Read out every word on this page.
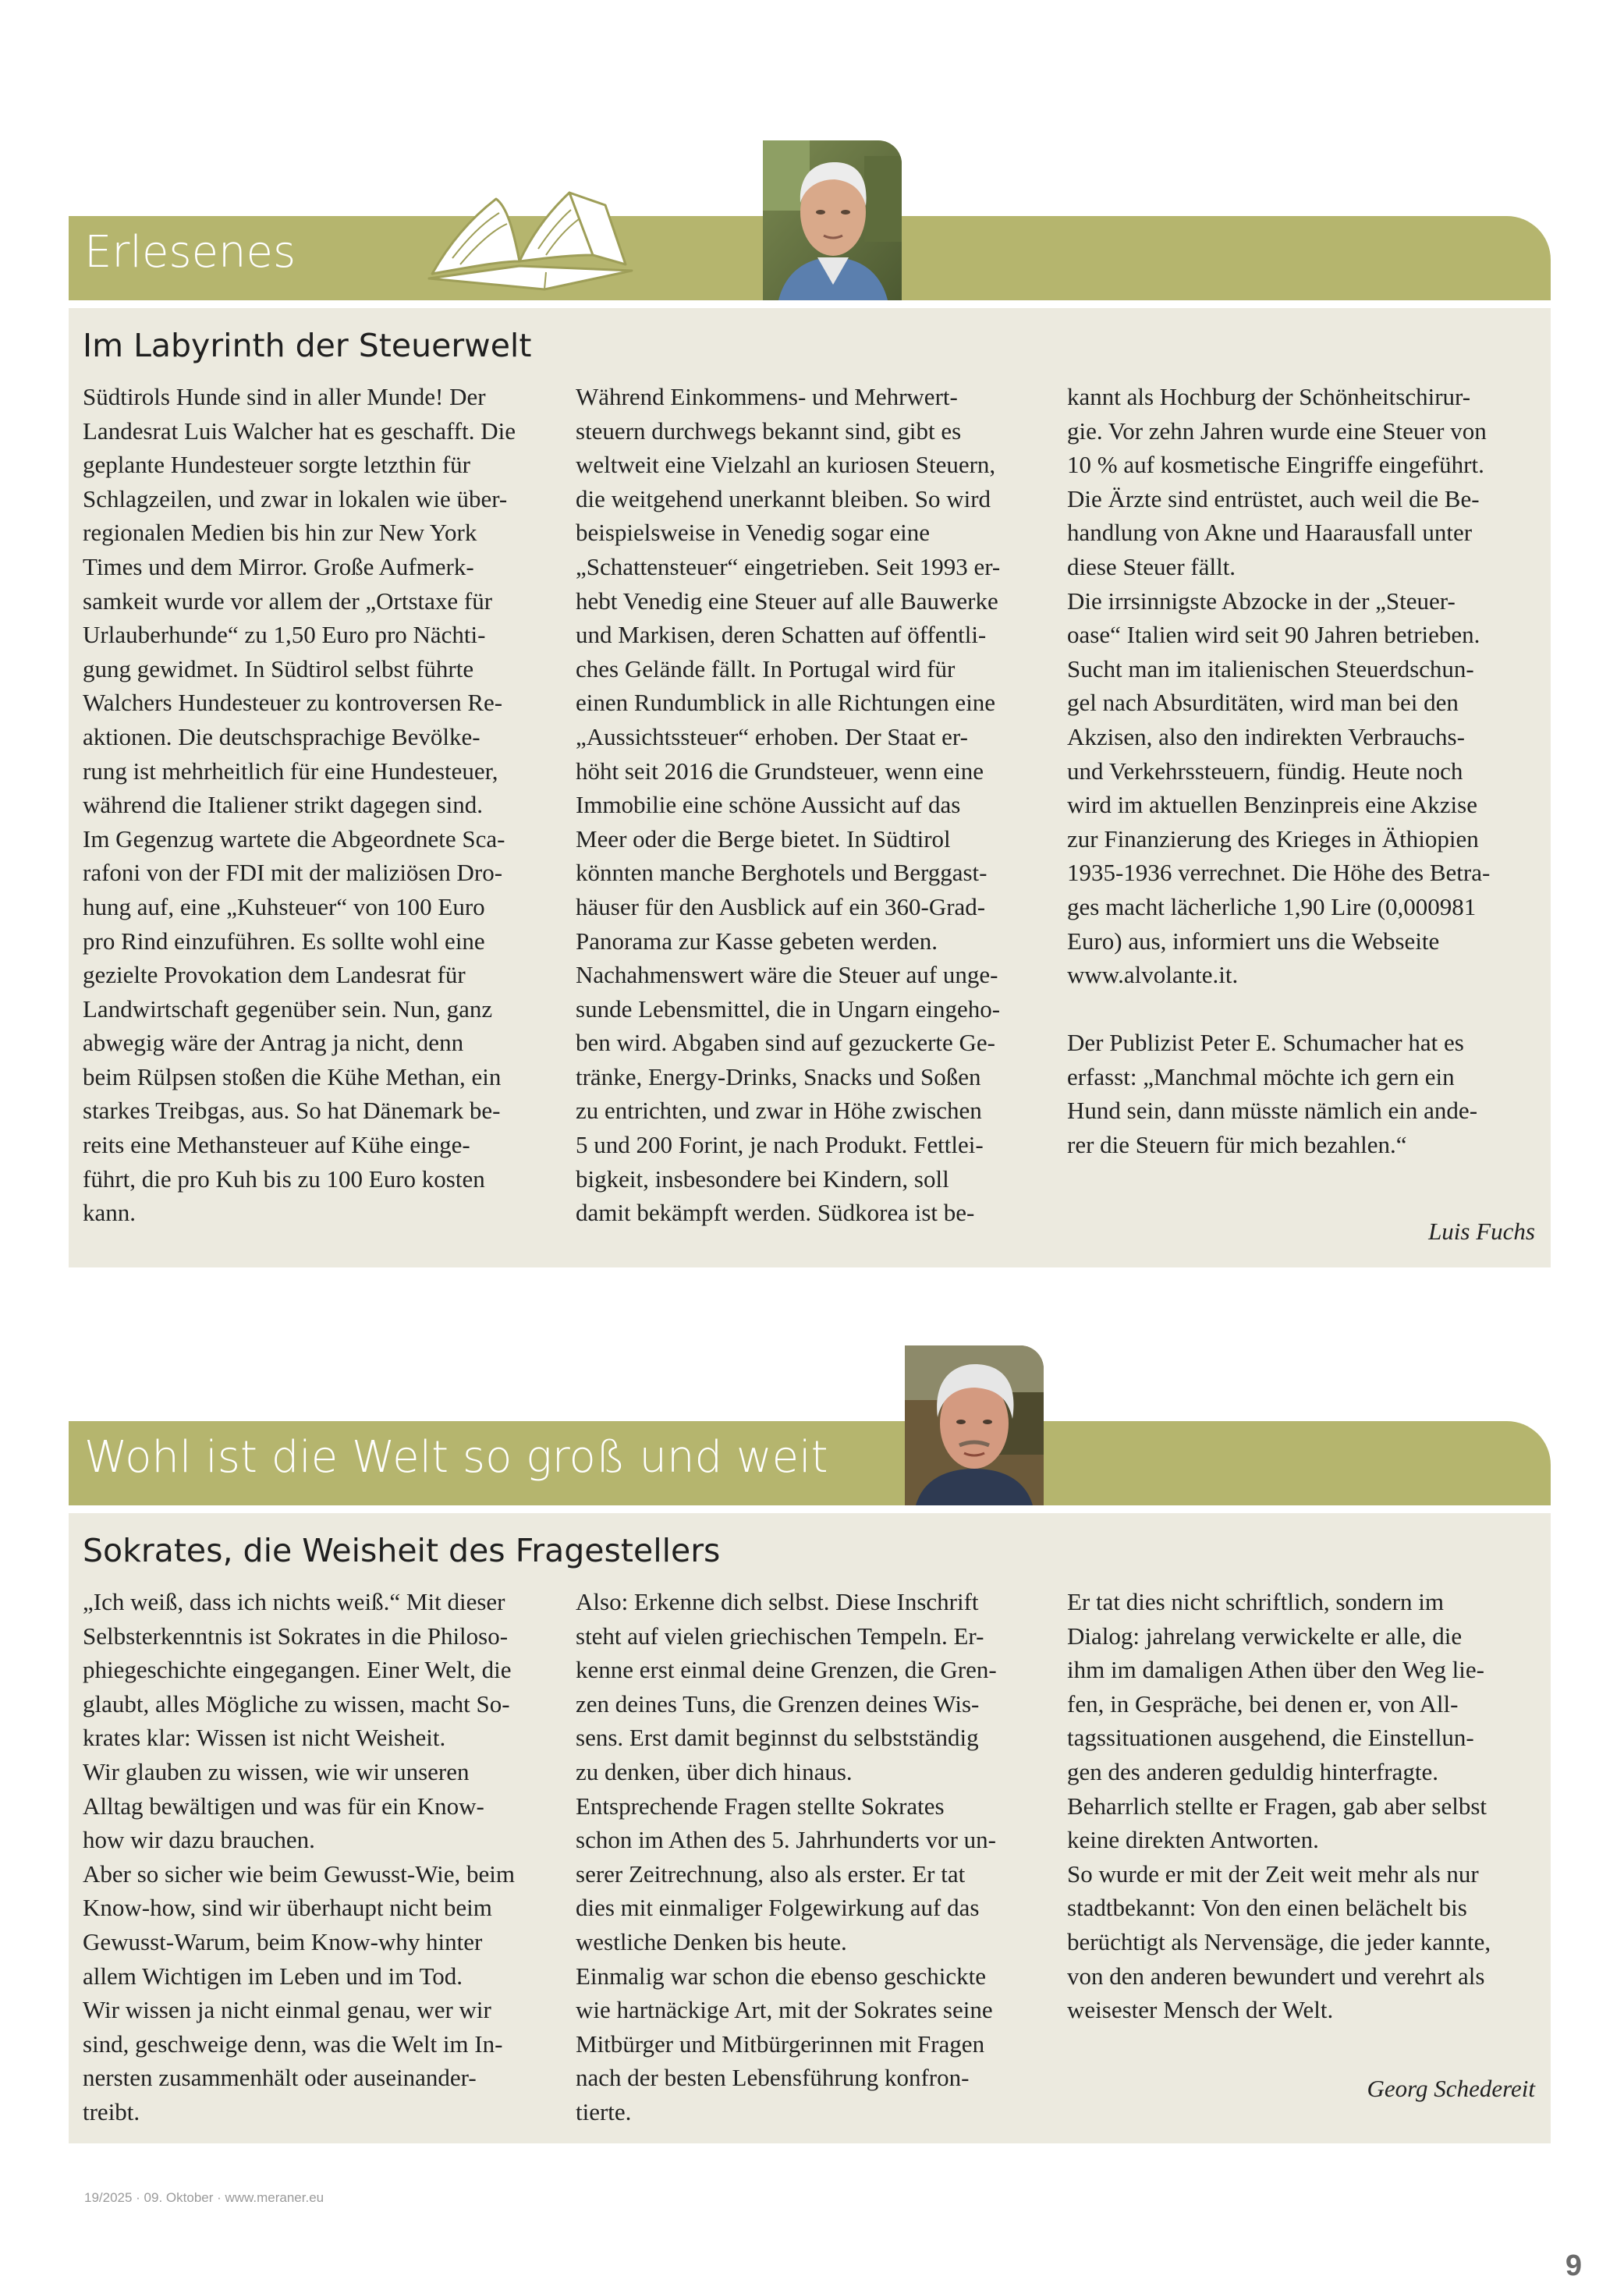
Erlesenes
Im Labyrinth der Steuerwelt
Südtirols Hunde sind in aller Munde! Der
Landesrat Luis Walcher hat es geschafft. Die
geplante Hundesteuer sorgte letzthin für
Schlagzeilen, und zwar in lokalen wie über-
regionalen Medien bis hin zur New York
Times und dem Mirror. Große Aufmerk-
samkeit wurde vor allem der „Ortstaxe für
Urlauberhunde“ zu 1,50 Euro pro Nächti-
gung gewidmet. In Südtirol selbst führte
Walchers Hundesteuer zu kontroversen Re-
aktionen. Die deutschsprachige Bevölke-
rung ist mehrheitlich für eine Hundesteuer,
während die Italiener strikt dagegen sind.
Im Gegenzug wartete die Abgeordnete Sca-
rafoni von der FDI mit der maliziösen Dro-
hung auf, eine „Kuhsteuer“ von 100 Euro
pro Rind einzuführen. Es sollte wohl eine
gezielte Provokation dem Landesrat für
Landwirtschaft gegenüber sein. Nun, ganz
abwegig wäre der Antrag ja nicht, denn
beim Rülpsen stoßen die Kühe Methan, ein
starkes Treibgas, aus. So hat Dänemark be-
reits eine Methansteuer auf Kühe einge-
führt, die pro Kuh bis zu 100 Euro kosten
kann.
Während Einkommens- und Mehrwert-
steuern durchwegs bekannt sind, gibt es
weltweit eine Vielzahl an kuriosen Steuern,
die weitgehend unerkannt bleiben. So wird
beispielsweise in Venedig sogar eine
„Schattensteuer“ eingetrieben. Seit 1993 er-
hebt Venedig eine Steuer auf alle Bauwerke
und Markisen, deren Schatten auf öffentli-
ches Gelände fällt. In Portugal wird für
einen Rundumblick in alle Richtungen eine
„Aussichtssteuer“ erhoben. Der Staat er-
höht seit 2016 die Grundsteuer, wenn eine
Immobilie eine schöne Aussicht auf das
Meer oder die Berge bietet. In Südtirol
könnten manche Berghotels und Berggast-
häuser für den Ausblick auf ein 360-Grad-
Panorama zur Kasse gebeten werden.
Nachahmenswert wäre die Steuer auf unge-
sunde Lebensmittel, die in Ungarn eingeho-
ben wird. Abgaben sind auf gezuckerte Ge-
tränke, Energy-Drinks, Snacks und Soßen
zu entrichten, und zwar in Höhe zwischen
5 und 200 Forint, je nach Produkt. Fettlei-
bigkeit, insbesondere bei Kindern, soll
damit bekämpft werden. Südkorea ist be-
kannt als Hochburg der Schönheitschirur-
gie. Vor zehn Jahren wurde eine Steuer von
10 % auf kosmetische Eingriffe eingeführt.
Die Ärzte sind entrüstet, auch weil die Be-
handlung von Akne und Haarausfall unter
diese Steuer fällt.
Die irrsinnigste Abzocke in der „Steuer-
oase“ Italien wird seit 90 Jahren betrieben.
Sucht man im italienischen Steuerdschun-
gel nach Absurditäten, wird man bei den
Akzisen, also den indirekten Verbrauchs-
und Verkehrssteuern, fündig. Heute noch
wird im aktuellen Benzinpreis eine Akzise
zur Finanzierung des Krieges in Äthiopien
1935-1936 verrechnet. Die Höhe des Betra-
ges macht lächerliche 1,90 Lire (0,000981
Euro) aus, informiert uns die Webseite
www.alvolante.it.

Der Publizist Peter E. Schumacher hat es
erfasst: „Manchmal möchte ich gern ein
Hund sein, dann müsste nämlich ein ande-
rer die Steuern für mich bezahlen.“
Luis Fuchs
Wohl ist die Welt so groß und weit
Sokrates, die Weisheit des Fragestellers
„Ich weiß, dass ich nichts weiß.“ Mit dieser
Selbsterkenntnis ist Sokrates in die Philoso-
phiegeschichte eingegangen. Einer Welt, die
glaubt, alles Mögliche zu wissen, macht So-
krates klar: Wissen ist nicht Weisheit.
Wir glauben zu wissen, wie wir unseren
Alltag bewältigen und was für ein Know-
how wir dazu brauchen.
Aber so sicher wie beim Gewusst-Wie, beim
Know-how, sind wir überhaupt nicht beim
Gewusst-Warum, beim Know-why hinter
allem Wichtigen im Leben und im Tod.
Wir wissen ja nicht einmal genau, wer wir
sind, geschweige denn, was die Welt im In-
nersten zusammenhält oder auseinander-
treibt.
Also: Erkenne dich selbst. Diese Inschrift
steht auf vielen griechischen Tempeln. Er-
kenne erst einmal deine Grenzen, die Gren-
zen deines Tuns, die Grenzen deines Wis-
sens. Erst damit beginnst du selbstständig
zu denken, über dich hinaus.
Entsprechende Fragen stellte Sokrates
schon im Athen des 5. Jahrhunderts vor un-
serer Zeitrechnung, also als erster. Er tat
dies mit einmaliger Folgewirkung auf das
westliche Denken bis heute.
Einmalig war schon die ebenso geschickte
wie hartnäckige Art, mit der Sokrates seine
Mitbürger und Mitbürgerinnen mit Fragen
nach der besten Lebensführung konfron-
tierte.
Er tat dies nicht schriftlich, sondern im
Dialog: jahrelang verwickelte er alle, die
ihm im damaligen Athen über den Weg lie-
fen, in Gespräche, bei denen er, von All-
tagssituationen ausgehend, die Einstellun-
gen des anderen geduldig hinterfragte.
Beharrlich stellte er Fragen, gab aber selbst
keine direkten Antworten.
So wurde er mit der Zeit weit mehr als nur
stadtbekannt: Von den einen belächelt bis
berüchtigt als Nervensäge, die jeder kannte,
von den anderen bewundert und verehrt als
weisester Mensch der Welt.
Georg Schedereit
19/2025 · 09. Oktober · www.meraner.eu
9
